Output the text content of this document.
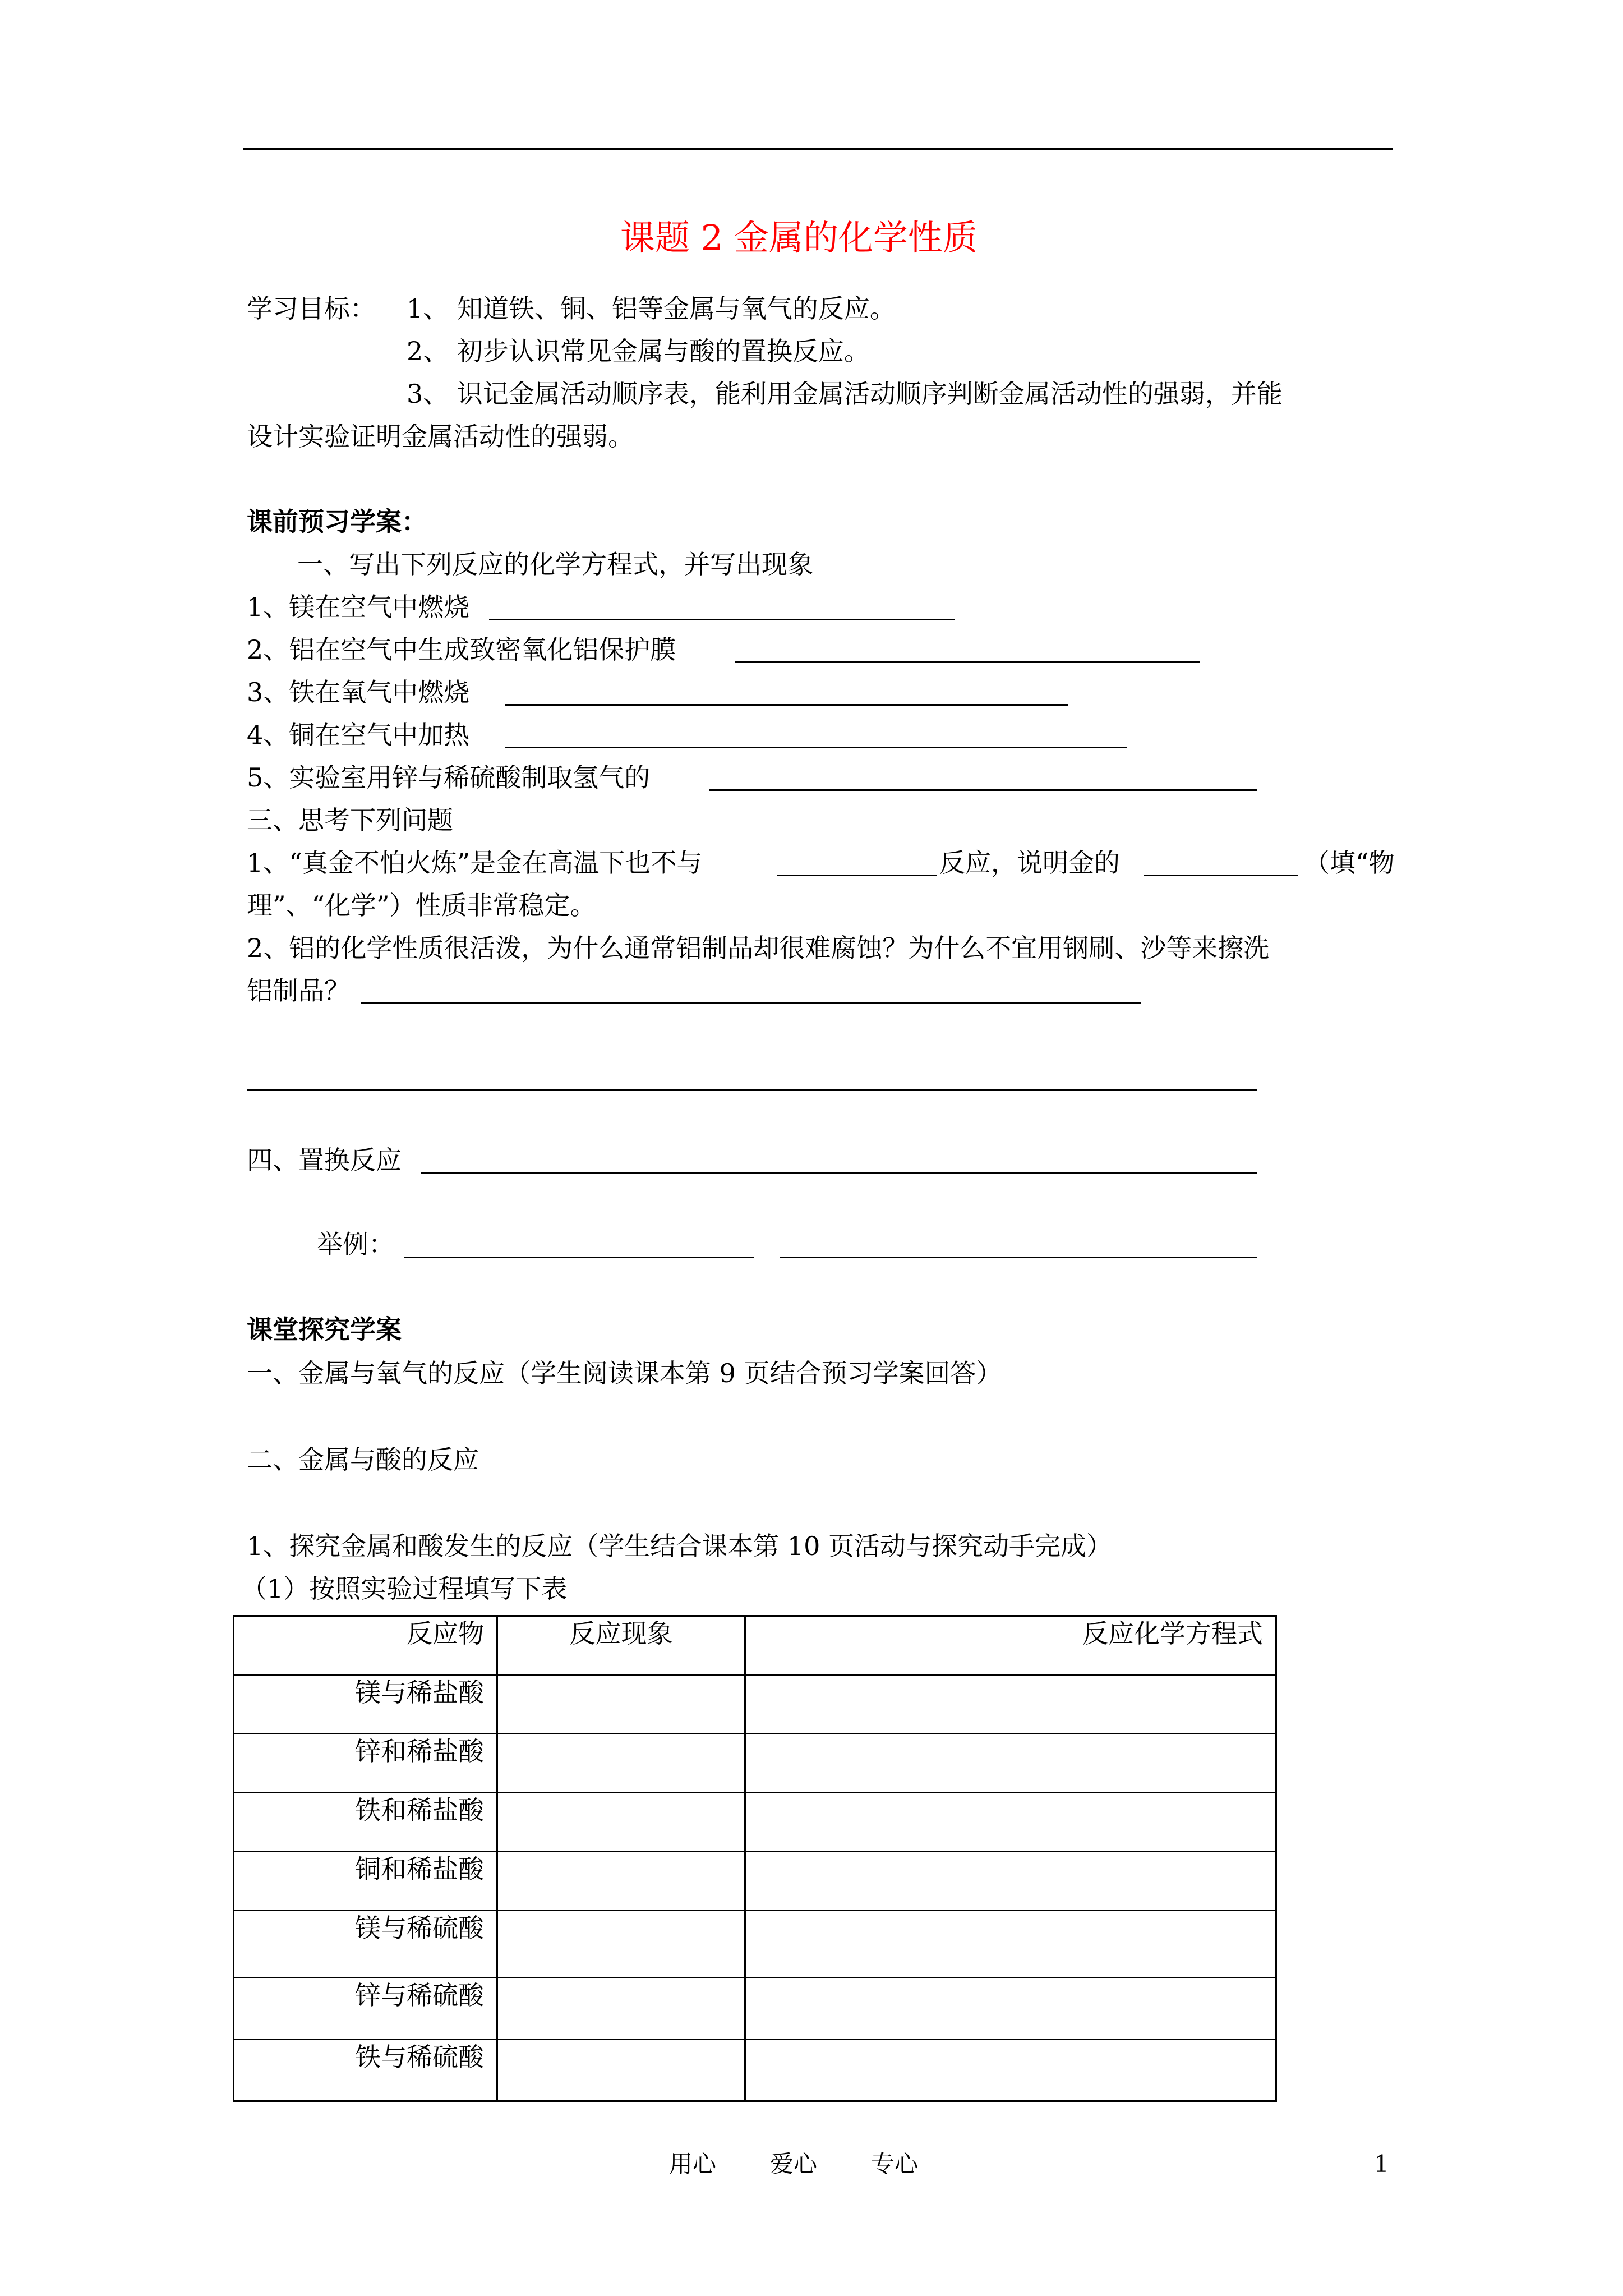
课题 2 金属的化学性质
学习目标： 1、 知道铁、铜、铝等金属与氧气的反应。
2、 初步认识常见金属与酸的置换反应。
3、 识记金属活动顺序表，能利用金属活动顺序判断金属活动性的强弱，并能
设计实验证明金属活动性的强弱。
课前预习学案：
一、写出下列反应的化学方程式，并写出现象
1、镁在空气中燃烧
2、铝在空气中生成致密氧化铝保护膜
3、铁在氧气中燃烧
4、铜在空气中加热
5、实验室用锌与稀硫酸制取氢气的
三、思考下列问题
1、“真金不怕火炼”是金在高温下也不与	反应，说明金的	（填“物
理”、“化学”）性质非常稳定。
2、铝的化学性质很活泼，为什么通常铝制品却很难腐蚀？为什么不宜用钢刷、沙等来擦洗
铝制品？
四、置换反应
举例：
课堂探究学案
一、金属与氧气的反应（学生阅读课本第 9 页结合预习学案回答）
二、金属与酸的反应
1、探究金属和酸发生的反应（学生结合课本第 10 页活动与探究动手完成）
（1）按照实验过程填写下表
反应物	反应现象	反应化学方程式
镁与稀盐酸		
锌和稀盐酸		
铁和稀盐酸		
铜和稀盐酸		
镁与稀硫酸		
锌与稀硫酸		
铁与稀硫酸		
用心 爱心 专心	1
